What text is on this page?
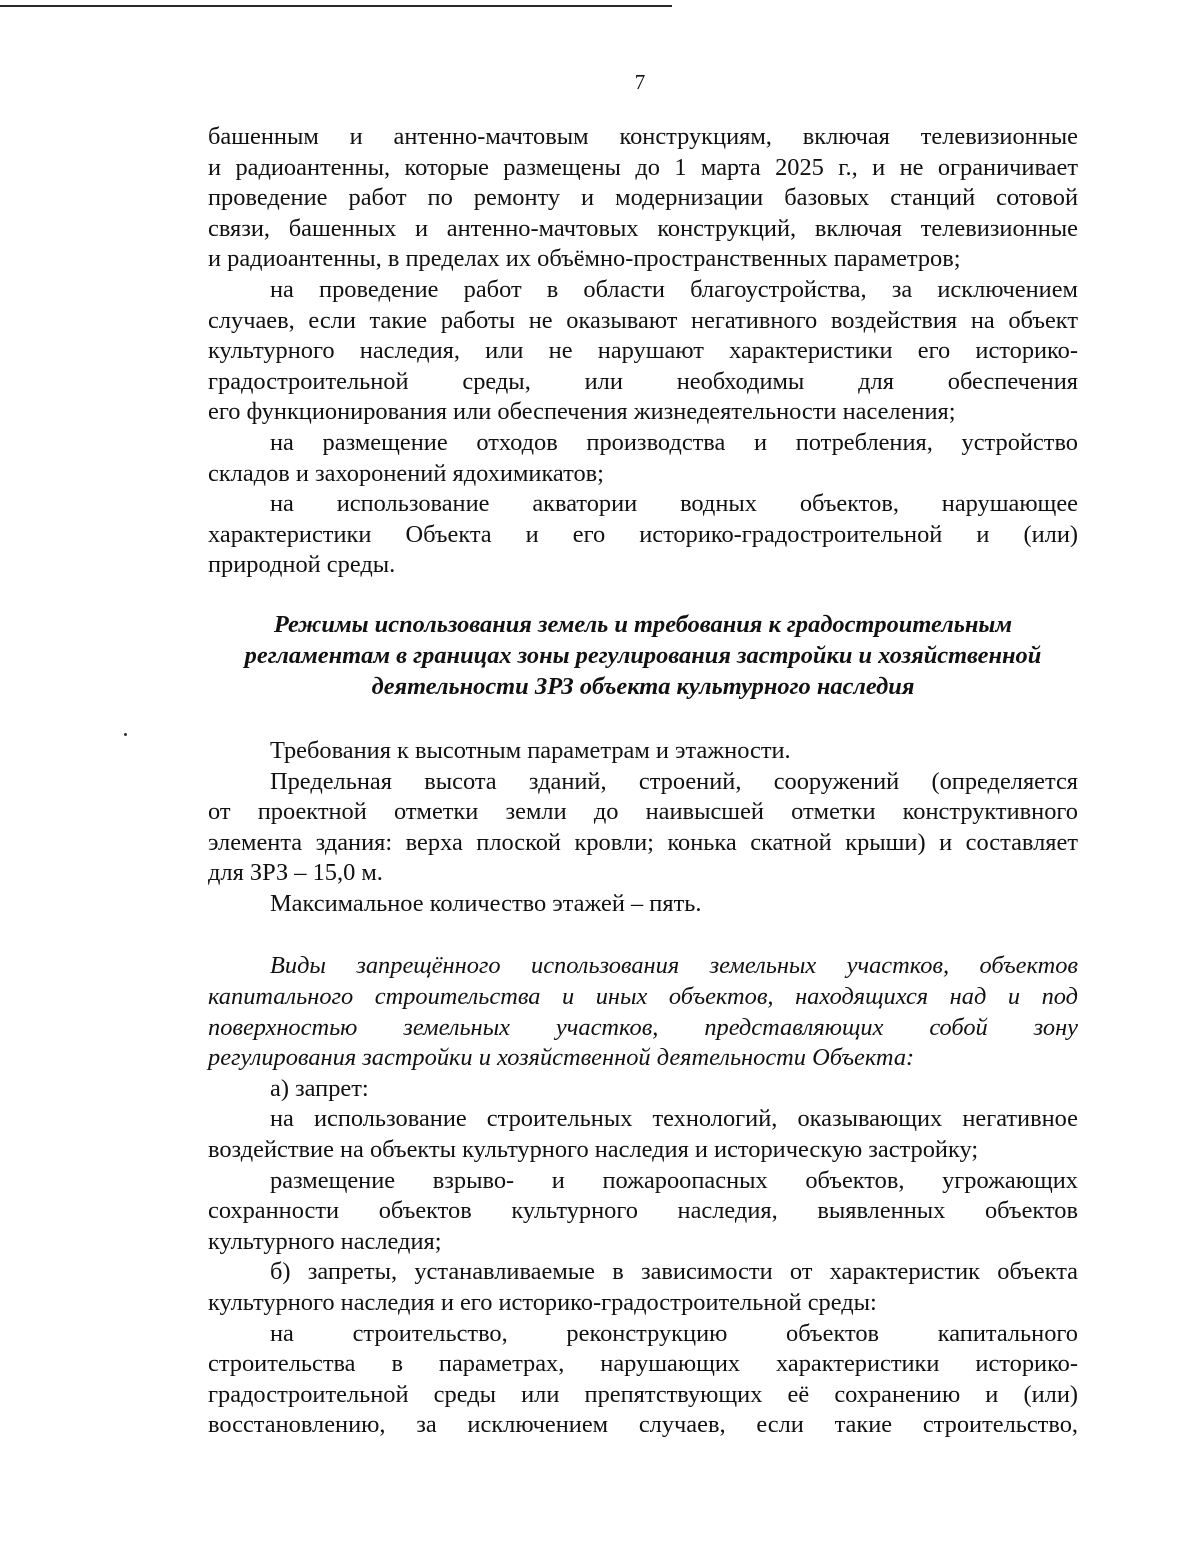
7

башенным и антенно-мачтовым конструкциям, включая телевизионные
и радиоантенны, которые размещены до 1 марта 2025 г., и не ограничивает
проведение работ по ремонту и модернизации базовых станций сотовой
связи, башенных и антенно-мачтовых конструкций, включая телевизионные
и радиоантенны, в пределах их объёмно-пространственных параметров;

на проведение работ в области благоустройства, за исключением
случаев, если такие работы не оказывают негативного воздействия на объект
культурного наследия, или не нарушают характеристики его историко-
градостроительной среды, или необходимы для обеспечения
его функционирования или обеспечения жизнедеятельности населения;

на размещение отходов производства и потребления, устройство
складов и захоронений ядохимикатов;

на использование акватории водных объектов, нарушающее
характеристики Объекта и его историко-градостроительной и (или)
природной среды.

Режимы использования земель и требования к градостроительным
регламентам в границах зоны регулирования застройки и хозяйственной
деятельности ЗРЗ объекта культурного наследия

Требования к высотным параметрам и этажности.

Предельная высота зданий, строений, сооружений (определяется
от проектной отметки земли до наивысшей отметки конструктивного
элемента здания: верха плоской кровли; конька скатной крыши) и составляет
для ЗРЗ – 15,0 м.

Максимальное количество этажей – пять.

Виды запрещённого использования земельных участков, объектов
капитального строительства и иных объектов, находящихся над и под
поверхностью земельных участков, представляющих собой зону
регулирования застройки и хозяйственной деятельности Объекта:

а) запрет:

на использование строительных технологий, оказывающих негативное
воздействие на объекты культурного наследия и историческую застройку;

размещение взрыво- и пожароопасных объектов, угрожающих
сохранности объектов культурного наследия, выявленных объектов
культурного наследия;

б) запреты, устанавливаемые в зависимости от характеристик объекта
культурного наследия и его историко-градостроительной среды:

на строительство, реконструкцию объектов капитального
строительства в параметрах, нарушающих характеристики историко-
градостроительной среды или препятствующих её сохранению и (или)
восстановлению, за исключением случаев, если такие строительство,
